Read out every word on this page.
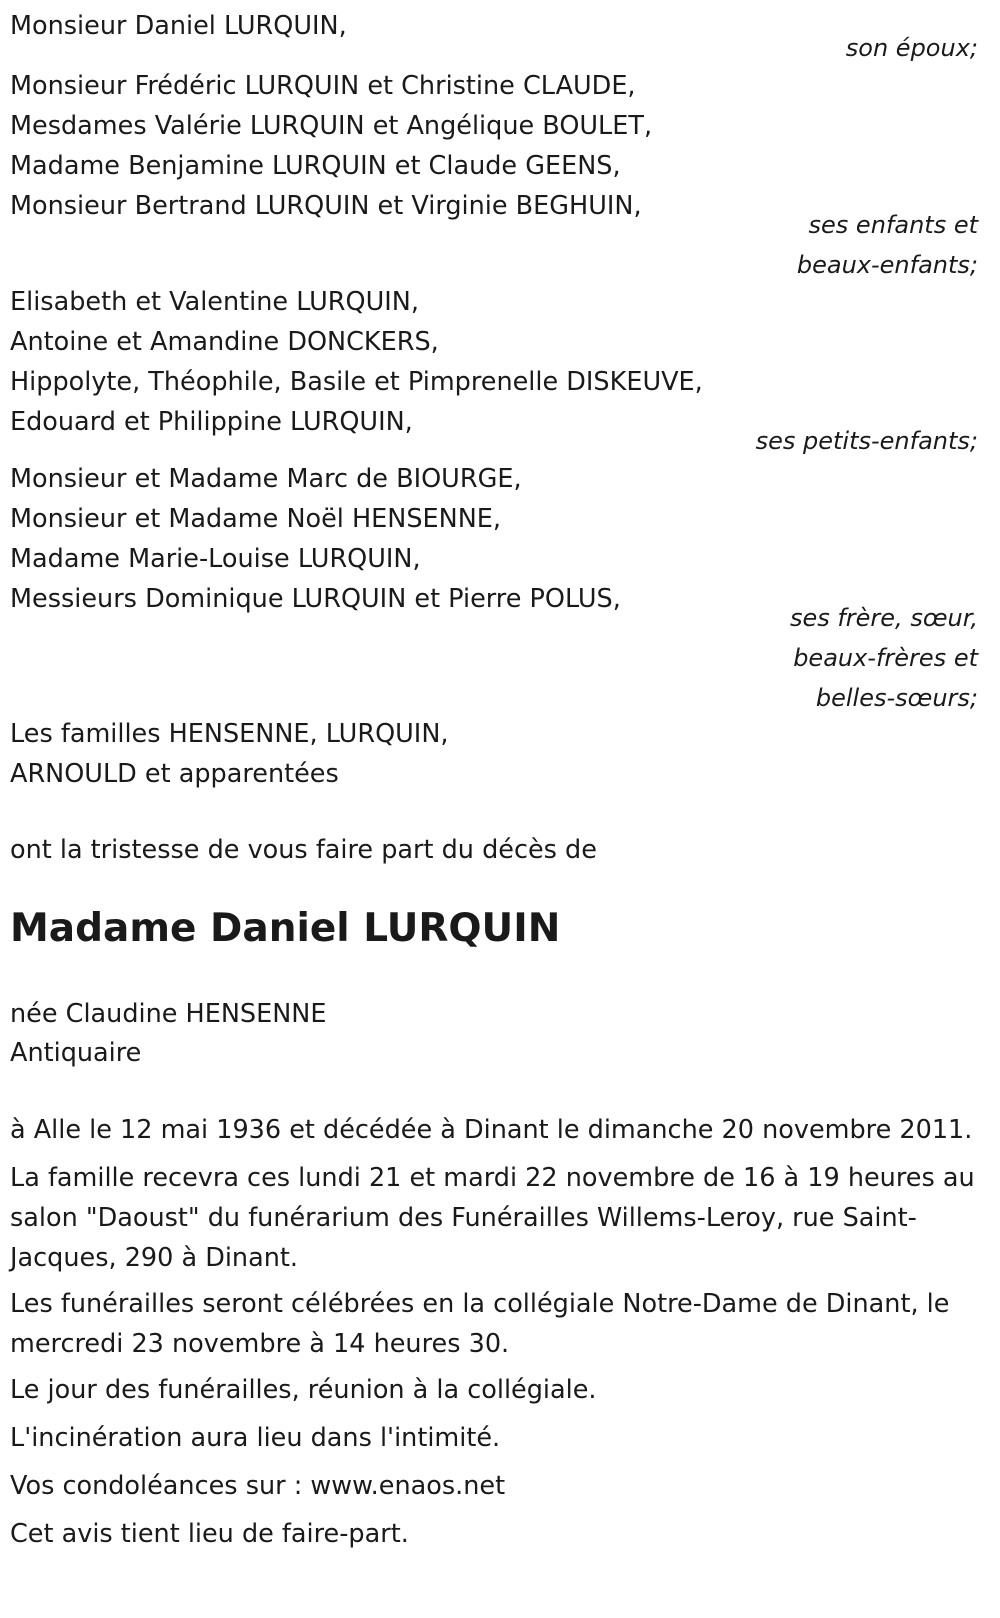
Monsieur Daniel LURQUIN,
son époux;
Monsieur Frédéric LURQUIN et Christine CLAUDE,
Mesdames Valérie LURQUIN et Angélique BOULET,
Madame Benjamine LURQUIN et Claude GEENS,
Monsieur Bertrand LURQUIN et Virginie BEGHUIN,
ses enfants et
beaux-enfants;
Elisabeth et Valentine LURQUIN,
Antoine et Amandine DONCKERS,
Hippolyte, Théophile, Basile et Pimprenelle DISKEUVE,
Edouard et Philippine LURQUIN,
ses petits-enfants;
Monsieur et Madame Marc de BIOURGE,
Monsieur et Madame Noël HENSENNE,
Madame Marie-Louise LURQUIN,
Messieurs Dominique LURQUIN et Pierre POLUS,
ses frère, sœur,
beaux-frères et
belles-sœurs;
Les familles HENSENNE, LURQUIN,
ARNOULD et apparentées
ont la tristesse de vous faire part du décès de
Madame Daniel LURQUIN
née Claudine HENSENNE
Antiquaire
à Alle le 12 mai 1936 et décédée à Dinant le dimanche 20 novembre 2011.
La famille recevra ces lundi 21 et mardi 22 novembre de 16 à 19 heures au salon "Daoust" du funérarium des Funérailles Willems-Leroy, rue Saint-Jacques, 290 à Dinant.
Les funérailles seront célébrées en la collégiale Notre-Dame de Dinant, le mercredi 23 novembre à 14 heures 30.
Le jour des funérailles, réunion à la collégiale.
L'incinération aura lieu dans l'intimité.
Vos condoléances sur : www.enaos.net
Cet avis tient lieu de faire-part.
